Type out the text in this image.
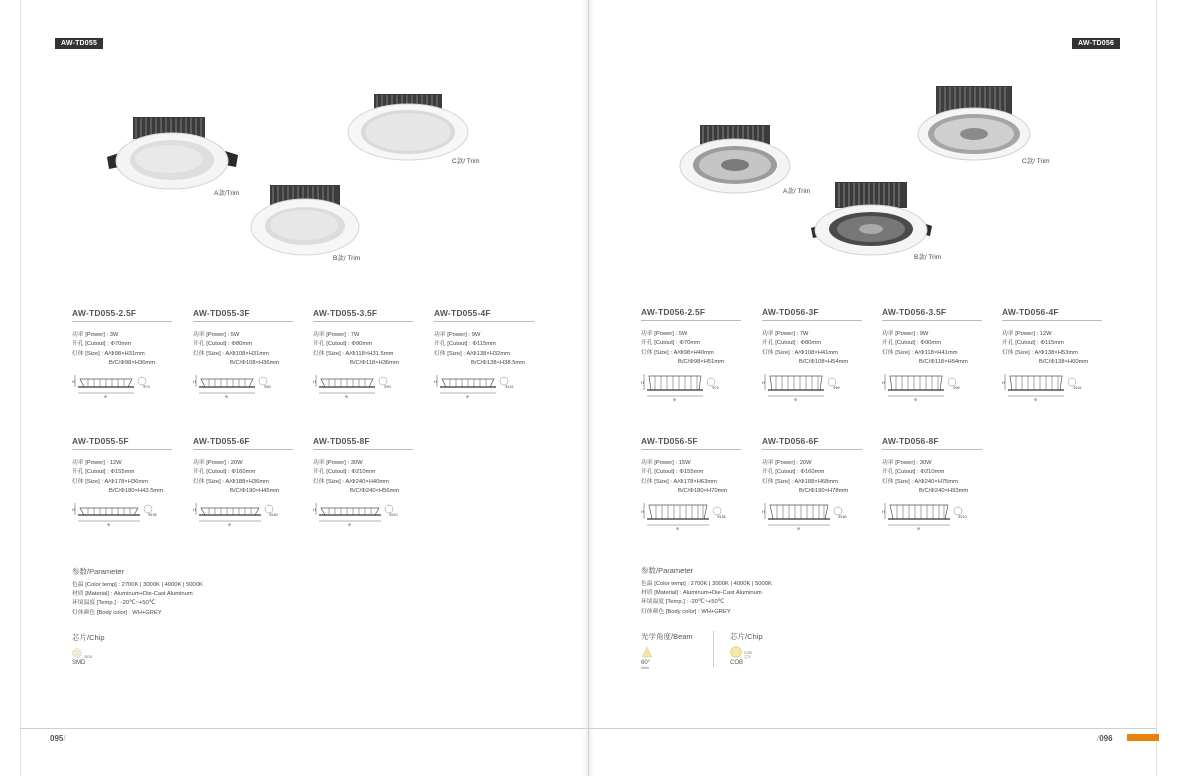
AW-TD055
A款/Trim
C款/ Trim
B款/ Trim
AW-TD055-2.5F
功率 [Power] : 3W
开孔 [Cutout] : Φ70mm
灯体 [Size] : A/Φ98×H31mm
B/C/Φ98×H36mm
H
Φ
Φ70
AW-TD055-3F
功率 [Power] : 5W
开孔 [Cutout] : Φ80mm
灯体 [Size] : A/Φ108×H31mm
B/C/Φ108×H36mm
H
Φ
Φ80
AW-TD055-3.5F
功率 [Power] : 7W
开孔 [Cutout] : Φ90mm
灯体 [Size] : A/Φ118×H31.5mm
B/C/Φ118×H36mm
H
Φ
Φ90
AW-TD055-4F
功率 [Power] : 9W
开孔 [Cutout] : Φ115mm
灯体 [Size] : A/Φ138×H32mm
B/C/Φ138×H38.5mm
H
Φ
Φ115
AW-TD055-5F
功率 [Power] : 12W
开孔 [Cutout] : Φ155mm
灯体 [Size] : A/Φ178×H36mm
B/C/Φ180×H43.5mm
H
Φ
Φ155
AW-TD055-6F
功率 [Power] : 20W
开孔 [Cutout] : Φ160mm
灯体 [Size] : A/Φ188×H36mm
B/C/Φ190×H45mm
H
Φ
Φ160
AW-TD055-8F
功率 [Power] : 30W
开孔 [Cutout] : Φ210mm
灯体 [Size] : A/Φ240×H40mm
B/C/Φ240×H56mm
H
Φ
Φ210
参数/Parameter
色温 [Color temp] : 2700K | 3000K | 4000K | 5000K
材质 [Material] : Aluminum+Die-Cast Aluminum
环境温度 [Temp.] : -20℃~+50℃
灯体颜色 [Body color] : WH+GREY
芯片/Chip
2835
SMD
095/
AW-TD056
A款/ Trim
C款/ Trim
B款/ Trim
AW-TD056-2.5F
功率 [Power] : 5W
开孔 [Cutout] : Φ70mm
灯体 [Size] : A/Φ98×H40mm
B/C/Φ98×H51mm
H
Φ
Φ70
AW-TD056-3F
功率 [Power] : 7W
开孔 [Cutout] : Φ80mm
灯体 [Size] : A/Φ108×H41mm
B/C/Φ108×H54mm
H
Φ
Φ80
AW-TD056-3.5F
功率 [Power] : 9W
开孔 [Cutout] : Φ90mm
灯体 [Size] : A/Φ118×H41mm
B/C/Φ118×H54mm
H
Φ
Φ90
AW-TD056-4F
功率 [Power] : 12W
开孔 [Cutout] : Φ115mm
灯体 [Size] : A/Φ138×H53mm
B/C/Φ138×H60mm
H
Φ
Φ115
AW-TD056-5F
功率 [Power] : 15W
开孔 [Cutout] : Φ155mm
灯体 [Size] : A/Φ178×H63mm
B/C/Φ180×H70mm
H
Φ
Φ155
AW-TD056-6F
功率 [Power] : 20W
开孔 [Cutout] : Φ160mm
灯体 [Size] : A/Φ188×H68mm
B/C/Φ190×H78mm
H
Φ
Φ160
AW-TD056-8F
功率 [Power] : 30W
开孔 [Cutout] : Φ210mm
灯体 [Size] : A/Φ240×H75mm
B/C/Φ240×H93mm
H
Φ
Φ210
参数/Parameter
色温 [Color temp] : 2700K | 3000K | 4000K | 5000K
材质 [Material] : Aluminum+Die-Cast Aluminum
环境温度 [Temp.] : -20℃~+50℃
灯体颜色 [Body color] : WH+GREY
光学角度/Beam
60°
Wide
芯片/Chip
COB 芯片
COB
/096
